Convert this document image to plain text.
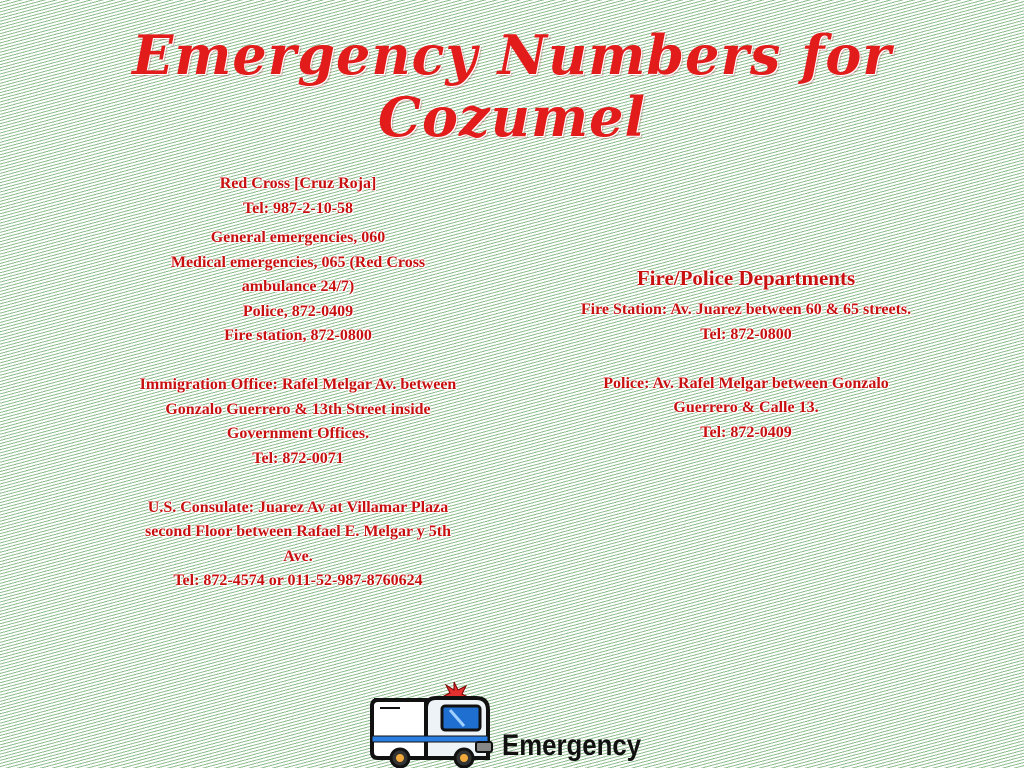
Emergency Numbers for
Cozumel
Red Cross [Cruz Roja]
Tel: 987-2-10-58
General emergencies, 060
Medical emergencies, 065 (Red Cross
ambulance 24/7)
Police, 872-0409
Fire station, 872-0800
Immigration Office: Rafel Melgar Av. between
Gonzalo Guerrero & 13th Street inside
Government Offices.
Tel: 872-0071
U.S. Consulate: Juarez Av at Villamar Plaza
second Floor between Rafael E. Melgar y 5th
Ave.
Tel: 872-4574 or 011-52-987-8760624
Fire/Police Departments
Fire Station: Av. Juarez between 60 & 65 streets.
Tel: 872-0800
Police: Av. Rafel Melgar between Gonzalo
Guerrero & Calle 13.
Tel: 872-0409
Emergency
